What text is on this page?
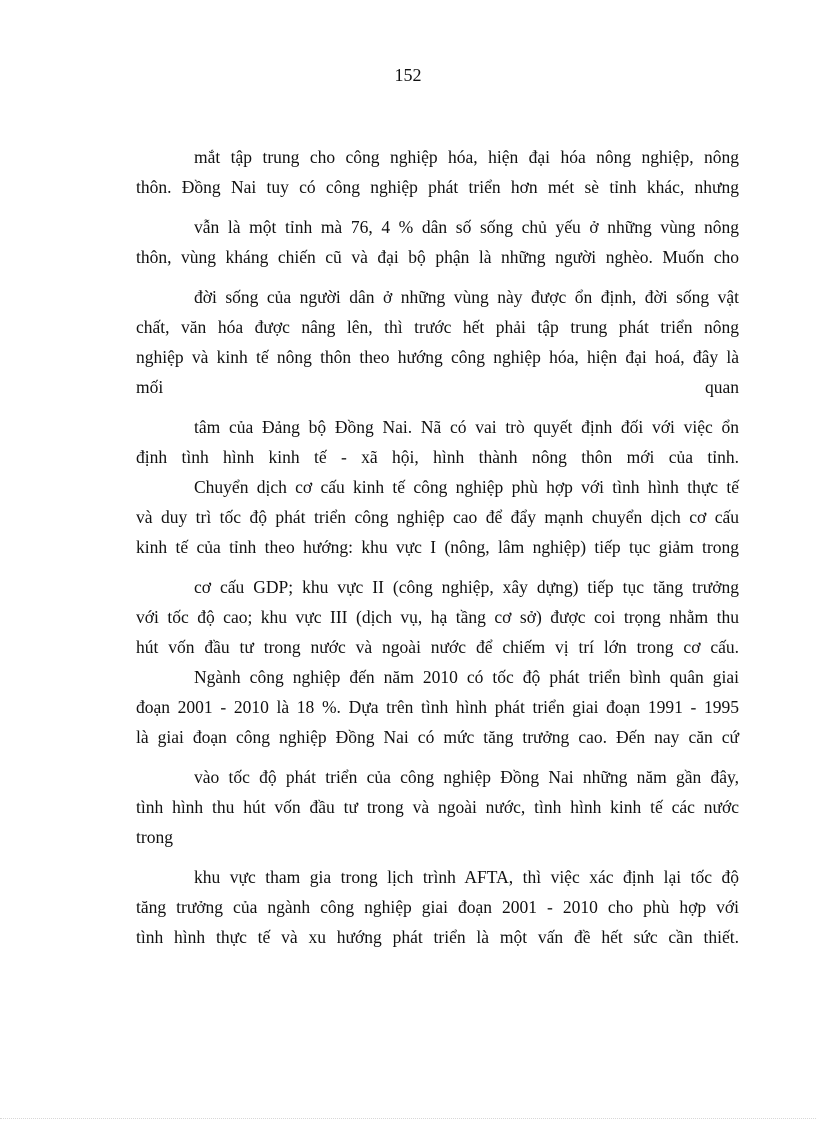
152
mắt tập trung cho công nghiệp hóa, hiện đại hóa nông nghiệp, nông
thôn. Đồng Nai tuy có công nghiệp phát triển hơn mét sè tỉnh khác, nhưng
vẫn là một tỉnh mà 76, 4 % dân số sống chủ yếu ở những vùng nông
thôn, vùng kháng chiến cũ và đại bộ phận là những người nghèo. Muốn cho
đời sống của người dân ở những vùng này được ổn định, đời sống vật
chất, văn hóa được nâng lên, thì trước hết phải tập trung phát triển nông
nghiệp và kinh tế nông thôn theo hướng công nghiệp hóa, hiện đại hoá, đây là
mối	quan
tâm của Đảng bộ Đồng Nai. Nã có vai trò quyết định đối với việc ổn
định tình hình kinh tế - xã hội, hình thành nông thôn mới của tỉnh.
Chuyển dịch cơ cấu kinh tế công nghiệp phù hợp với tình hình thực tế
và duy trì tốc độ phát triển công nghiệp cao để đẩy mạnh chuyển dịch cơ cấu
kinh tế của tỉnh theo hướng: khu vực I (nông, lâm nghiệp) tiếp tục giảm trong
cơ cấu GDP; khu vực II (công nghiệp, xây dựng) tiếp tục tăng trưởng
với tốc độ cao; khu vực III (dịch vụ, hạ tầng cơ sở) được coi trọng nhằm thu
hút vốn đầu tư trong nước và ngoài nước để chiếm vị trí lớn trong cơ cấu.
Ngành công nghiệp đến năm 2010 có tốc độ phát triển bình quân giai
đoạn 2001 - 2010 là 18 %. Dựa trên tình hình phát triển giai đoạn 1991 - 1995
là giai đoạn công nghiệp Đồng Nai có mức tăng trưởng cao. Đến nay căn cứ
vào tốc độ phát triển của công nghiệp Đồng Nai những năm gần đây,
tình hình thu hút vốn đầu tư trong và ngoài nước, tình hình kinh tế các nước
trong
khu vực tham gia trong lịch trình AFTA, thì việc xác định lại tốc độ
tăng trưởng của ngành công nghiệp giai đoạn 2001 - 2010 cho phù hợp với
tình hình thực tế và xu hướng phát triển là một vấn đề hết sức cần thiết.
